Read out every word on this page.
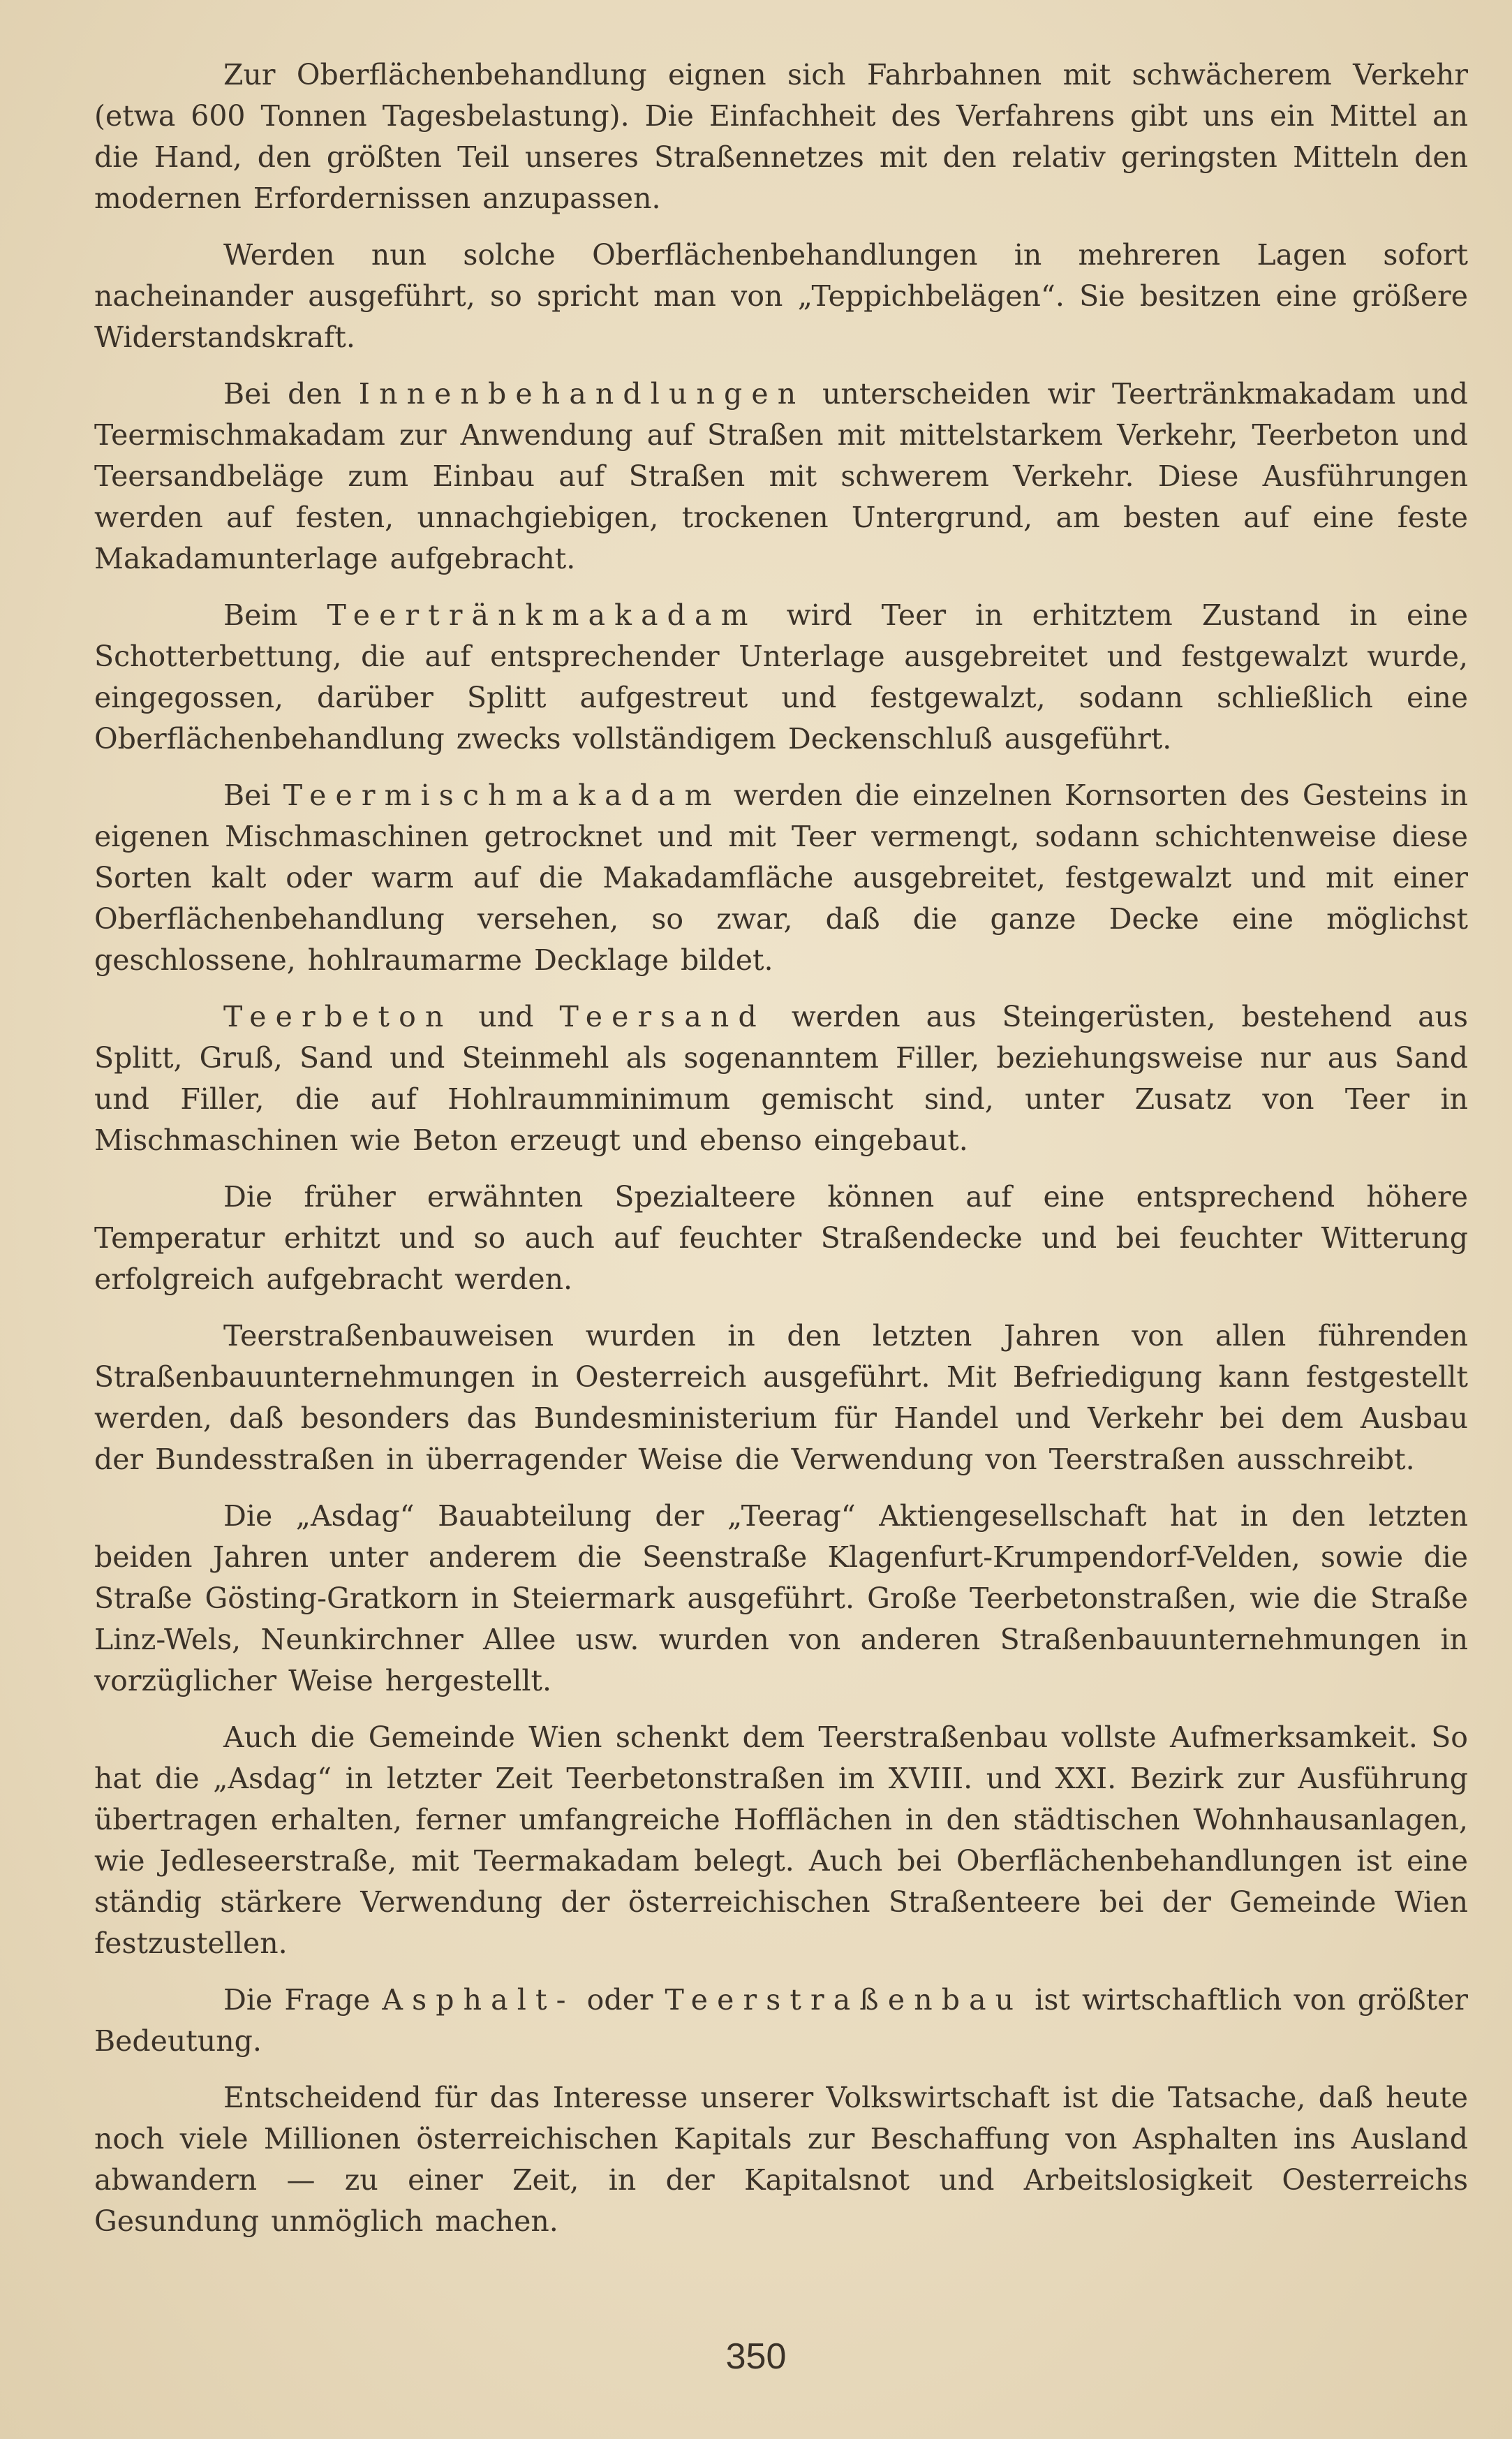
Zur Oberflächenbehandlung eignen sich Fahrbahnen mit schwächerem Verkehr (etwa 600 Tonnen Tagesbelastung). Die Einfachheit des Verfahrens gibt uns ein Mittel an die Hand, den größten Teil unseres Straßennetzes mit den relativ geringsten Mitteln den modernen Erfordernissen anzupassen.

Werden nun solche Oberflächenbehandlungen in mehreren Lagen sofort nacheinander ausgeführt, so spricht man von „Teppichbelägen“. Sie besitzen eine größere Widerstandskraft.

Bei den Innenbehandlungen unterscheiden wir Teertränkmakadam und Teermischmakadam zur Anwendung auf Straßen mit mittelstarkem Verkehr, Teerbeton und Teersandbeläge zum Einbau auf Straßen mit schwerem Verkehr. Diese Ausführungen werden auf festen, unnachgiebigen, trockenen Untergrund, am besten auf eine feste Makadamunterlage aufgebracht.

Beim Teertränkmakadam wird Teer in erhitztem Zustand in eine Schotterbettung, die auf entsprechender Unterlage ausgebreitet und festgewalzt wurde, eingegossen, darüber Splitt aufgestreut und festgewalzt, sodann schließlich eine Oberflächenbehandlung zwecks vollständigem Deckenschluß ausgeführt.

Bei Teermischmakadam werden die einzelnen Kornsorten des Gesteins in eigenen Mischmaschinen getrocknet und mit Teer vermengt, sodann schichtenweise diese Sorten kalt oder warm auf die Makadamfläche ausgebreitet, festgewalzt und mit einer Oberflächenbehandlung versehen, so zwar, daß die ganze Decke eine möglichst geschlossene, hohlraumarme Decklage bildet.

Teerbeton und Teersand werden aus Steingerüsten, bestehend aus Splitt, Gruß, Sand und Steinmehl als sogenanntem Filler, beziehungsweise nur aus Sand und Filler, die auf Hohlraumminimum gemischt sind, unter Zusatz von Teer in Mischmaschinen wie Beton erzeugt und ebenso eingebaut.

Die früher erwähnten Spezialteere können auf eine entsprechend höhere Temperatur erhitzt und so auch auf feuchter Straßendecke und bei feuchter Witterung erfolgreich aufgebracht werden.

Teerstraßenbauweisen wurden in den letzten Jahren von allen führenden Straßenbauunternehmungen in Oesterreich ausgeführt. Mit Befriedigung kann festgestellt werden, daß besonders das Bundesministerium für Handel und Verkehr bei dem Ausbau der Bundesstraßen in überragender Weise die Verwendung von Teerstraßen ausschreibt.

Die „Asdag“ Bauabteilung der „Teerag“ Aktiengesellschaft hat in den letzten beiden Jahren unter anderem die Seenstraße Klagenfurt-Krumpendorf-Velden, sowie die Straße Gösting-Gratkorn in Steiermark ausgeführt. Große Teerbetonstraßen, wie die Straße Linz-Wels, Neunkirchner Allee usw. wurden von anderen Straßenbauunternehmungen in vorzüglicher Weise hergestellt.

Auch die Gemeinde Wien schenkt dem Teerstraßenbau vollste Aufmerksamkeit. So hat die „Asdag“ in letzter Zeit Teerbetonstraßen im XVIII. und XXI. Bezirk zur Ausführung übertragen erhalten, ferner umfangreiche Hofflächen in den städtischen Wohnhausanlagen, wie Jedleseerstraße, mit Teermakadam belegt. Auch bei Oberflächenbehandlungen ist eine ständig stärkere Verwendung der österreichischen Straßenteere bei der Gemeinde Wien festzustellen.

Die Frage Asphalt- oder Teerstraßenbau ist wirtschaftlich von größter Bedeutung.

Entscheidend für das Interesse unserer Volkswirtschaft ist die Tatsache, daß heute noch viele Millionen österreichischen Kapitals zur Beschaffung von Asphalten ins Ausland abwandern — zu einer Zeit, in der Kapitalsnot und Arbeitslosigkeit Oesterreichs Gesundung unmöglich machen.

350
